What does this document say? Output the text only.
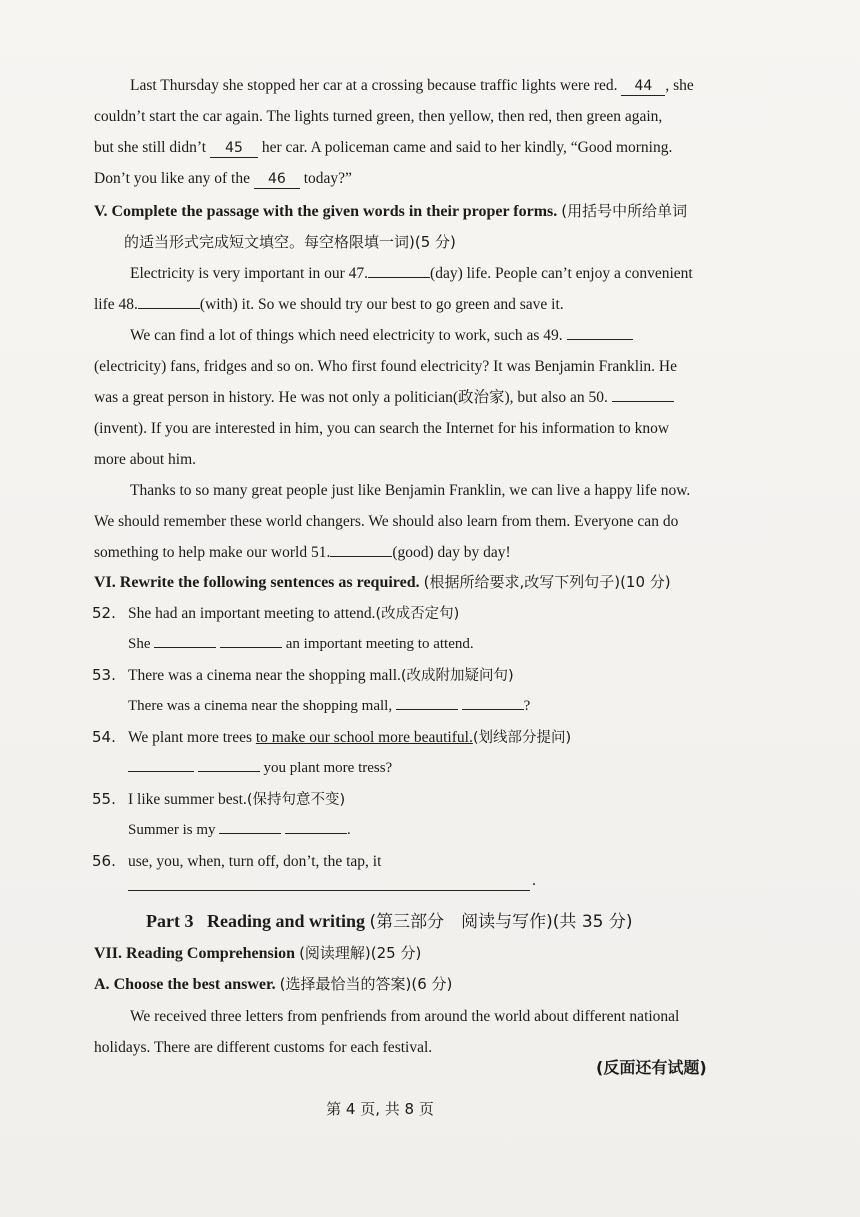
Last Thursday she stopped her car at a crossing because traffic lights were red. 44 , she
couldn’t start the car again. The lights turned green, then yellow, then red, then green again,
but she still didn’t 45 her car. A policeman came and said to her kindly, “Good morning.
Don’t you like any of the 46 today?”
V. Complete the passage with the given words in their proper forms. (用括号中所给单词
的适当形式完成短文填空。每空格限填一词)(5 分)
Electricity is very important in our 47.	(day) life. People can’t enjoy a convenient
life 48.	(with) it. So we should try our best to go green and save it.
We can find a lot of things which need electricity to work, such as 49.
(electricity) fans, fridges and so on. Who first found electricity? It was Benjamin Franklin. He
was a great person in history. He was not only a politician(政治家), but also an 50.
(invent). If you are interested in him, you can search the Internet for his information to know
more about him.
Thanks to so many great people just like Benjamin Franklin, we can live a happy life now.
We should remember these world changers. We should also learn from them. Everyone can do
something to help make our world 51.	(good) day by day!
VI. Rewrite the following sentences as required. (根据所给要求,改写下列句子)(10 分)
52. She had an important meeting to attend.(改成否定句)
She	an important meeting to attend.
53. There was a cinema near the shopping mall.(改成附加疑问句)
There was a cinema near the shopping mall,	?
54. We plant more trees to make our school more beautiful.(划线部分提问)
you plant more tress?
55. I like summer best.(保持句意不变)
Summer is my	.
56. use, you, when, turn off, don’t, the tap, it
.
Part 3 Reading and writing (第三部分　阅读与写作)(共 35 分)
VII. Reading Comprehension (阅读理解)(25 分)
A. Choose the best answer. (选择最恰当的答案)(6 分)
We received three letters from penfriends from around the world about different national
holidays. There are different customs for each festival.
(反面还有试题)
第 4 页, 共 8 页
